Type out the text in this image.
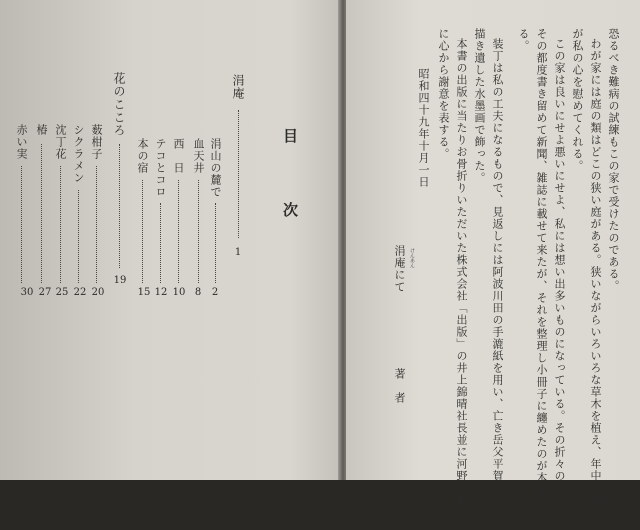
目　次
涓庵
1
涓山の麓で
2
血天井
8
西　日
10
テコとコロ
12
本の宿
15
花のこころ
19
薮柑子
20
シクラメン
22
沈丁花
25
椿
27
赤い実
30
恐るべき難病の試練もこの家で受けたのである。
わが家には庭の類はどこの狭い庭がある。狭いながらいろいろな草木を植え、年中可憐な花
が私の心を慰めてくれる。
この家は良いにせよ悪いにせよ、私には想い出多いものになっている。その折々の随想を
その都度書き留めて新聞、雑誌に載せて来たが、それを整理し小冊子に纏めたのが本書であ
る。
装丁は私の工夫になるもので、見返しには阿波川田の手漉紙を用い、亡き岳父平賀石泉の
描き遺した水墨画で飾った。
本書の出版に当たりお骨折りいただいた株式会社「出版」の井上錦晴社長並に河野茂樹氏
に心から謝意を表する。
昭和四十九年十月一日
けんあん
涓庵にて
著　者
